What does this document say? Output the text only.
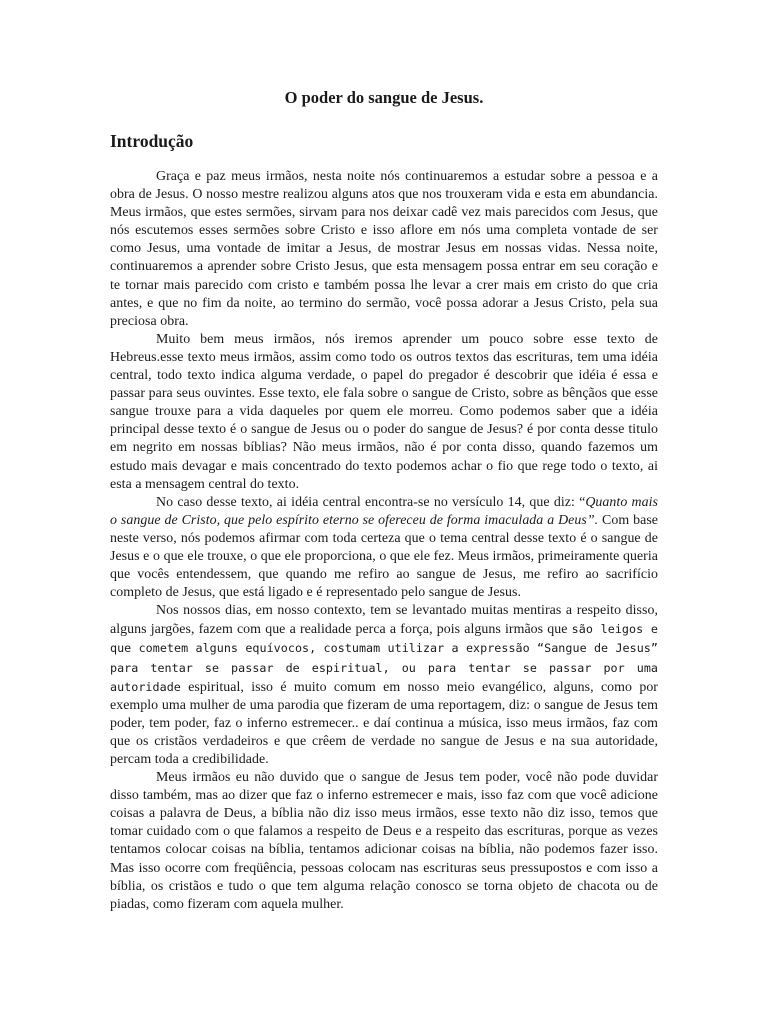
O poder do sangue de Jesus.
Introdução

Graça e paz meus irmãos, nesta noite nós continuaremos a estudar sobre a pessoa e a obra de Jesus. O nosso mestre realizou alguns atos que nos trouxeram vida e esta em abundancia. Meus irmãos, que estes sermões, sirvam para nos deixar cadê vez mais parecidos com Jesus, que nós escutemos esses sermões sobre Cristo e isso aflore em nós uma completa vontade de ser como Jesus, uma vontade de imitar a Jesus, de mostrar Jesus em nossas vidas. Nessa noite, continuaremos a aprender sobre Cristo Jesus, que esta mensagem possa entrar em seu coração e te tornar mais parecido com cristo e também possa lhe levar a crer mais em cristo do que cria antes, e que no fim da noite, ao termino do sermão, você possa adorar a Jesus Cristo, pela sua preciosa obra.

Muito bem meus irmãos, nós iremos aprender um pouco sobre esse texto de Hebreus.esse texto meus irmãos, assim como todo os outros textos das escrituras, tem uma idéia central, todo texto indica alguma verdade, o papel do pregador é descobrir que idéia é essa e passar para seus ouvintes. Esse texto, ele fala sobre o sangue de Cristo, sobre as bênçãos que esse sangue trouxe para a vida daqueles por quem ele morreu. Como podemos saber que a idéia principal desse texto é o sangue de Jesus ou o poder do sangue de Jesus? é por conta desse titulo em negrito em nossas bíblias? Não meus irmãos, não é por conta disso, quando fazemos um estudo mais devagar e mais concentrado do texto podemos achar o fio que rege todo o texto, ai esta a mensagem central do texto.

No caso desse texto, ai idéia central encontra-se no versículo 14, que diz: “Quanto mais o sangue de Cristo, que pelo espírito eterno se ofereceu de forma imaculada a Deus”. Com base neste verso, nós podemos afirmar com toda certeza que o tema central desse texto é o sangue de Jesus e o que ele trouxe, o que ele proporciona, o que ele fez. Meus irmãos, primeiramente queria que vocês entendessem, que quando me refiro ao sangue de Jesus, me refiro ao sacrifício completo de Jesus, que está ligado e é representado pelo sangue de Jesus.

Nos nossos dias, em nosso contexto, tem se levantado muitas mentiras a respeito disso, alguns jargões, fazem com que a realidade perca a força, pois alguns irmãos que são leigos e que cometem alguns equívocos, costumam utilizar a expressão “Sangue de Jesus” para tentar se passar de espiritual, ou para tentar se passar por uma autoridade espiritual, isso é muito comum em nosso meio evangélico, alguns, como por exemplo uma mulher de uma parodia que fizeram de uma reportagem, diz: o sangue de Jesus tem poder, tem poder, faz o inferno estremecer.. e daí continua a música, isso meus irmãos, faz com que os cristãos verdadeiros e que crêem de verdade no sangue de Jesus e na sua autoridade, percam toda a credibilidade.

Meus irmãos eu não duvido que o sangue de Jesus tem poder, você não pode duvidar disso também, mas ao dizer que faz o inferno estremecer e mais, isso faz com que você adicione coisas a palavra de Deus, a bíblia não diz isso meus irmãos, esse texto não diz isso, temos que tomar cuidado com o que falamos a respeito de Deus e a respeito das escrituras, porque as vezes tentamos colocar coisas na bíblia, tentamos adicionar coisas na bíblia, não podemos fazer isso. Mas isso ocorre com freqüência, pessoas colocam nas escrituras seus pressupostos e com isso a bíblia, os cristãos e tudo o que tem alguma relação conosco se torna objeto de chacota ou de piadas, como fizeram com aquela mulher.
